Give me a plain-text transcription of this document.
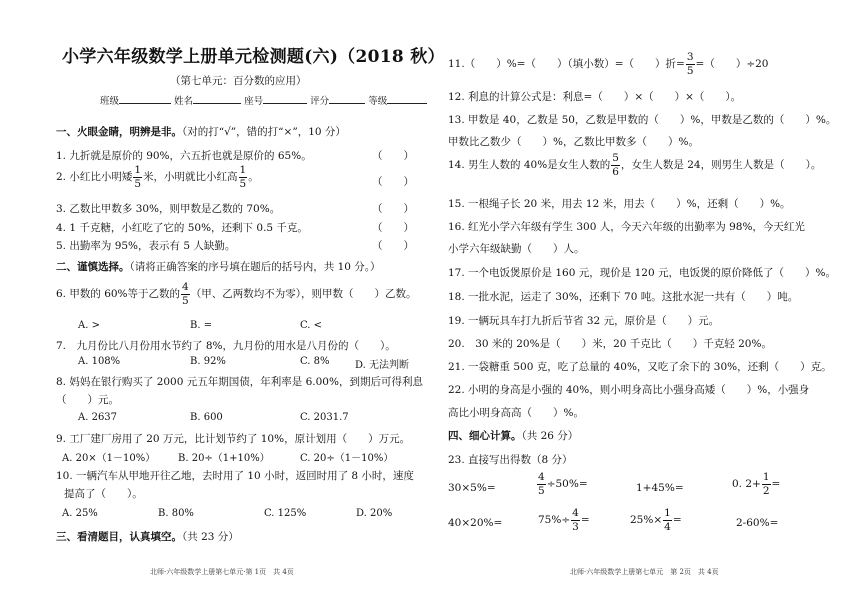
小学六年级数学上册单元检测题(六)（2018 秋）
（第七单元：百分数的应用）
班级	姓名	座号	评分	等级
一、火眼金睛，明辨是非。（对的打“√”，错的打“×”，10 分）
1. 九折就是原价的 90%，六五折也就是原价的 65%。	（　　）
2. 小红比小明矮 $\frac{1}{5}$ 米，小明就比小红高 $\frac{1}{5}$ 。	（　　）
3. 乙数比甲数多 30%，则甲数是乙数的 70%。	（　　）
4. 1 千克糖，小红吃了它的 50%，还剩下 0.5 千克。	（　　）
5. 出勤率为 95%，表示有 5 人缺勤。	（　　）
二、谨慎选择。（请将正确答案的序号填在题后的括号内，共 10 分。）
6. 甲数的 60%等于乙数的 $\frac{4}{5}$ （甲、乙两数均不为零），则甲数（　　）乙数。
A. >	B. =	C. <
7.　九月份比八月份用水节约了 8%，九月份的用水是八月份的（　　）。
A. 108%	B. 92%	C. 8%	D. 无法判断
8. 妈妈在银行购买了 2000 元五年期国债，年利率是 6.00%，到期后可得利息
（　　）元。
A. 2637	B. 600	C. 2031.7
9. 工厂建厂房用了 20 万元，比计划节约了 10%，原计划用（　　）万元。
A. 20×（1－10%） B. 20÷（1+10%）	C. 20÷（1－10%）
10. 一辆汽车从甲地开往乙地，去时用了 10 小时，返回时用了 8 小时，速度
提高了（　　）。
A. 25%	B. 80%	C. 125%	D. 20%
三、看清题目，认真填空。（共 23 分）
北师·六年级数学上册第七单元·第 1页　共 4页
11.（　　）%=（　　）（填小数）=（　　）折= $\frac{3}{5}$ =（　　）÷20
12. 利息的计算公式是：利息=（　　）×（　　）×（　　）。
13. 甲数是 40，乙数是 50，乙数是甲数的（　　）%，甲数是乙数的（　　）%。
甲数比乙数少（　　）%，乙数比甲数多（　　）%。
14. 男生人数的 40%是女生人数的 $\frac{5}{6}$ ，女生人数是 24，则男生人数是（　　）。
15. 一根绳子长 20 米，用去 12 米，用去（　　）%，还剩（　　）%。
16. 红光小学六年级有学生 300 人，今天六年级的出勤率为 98%，今天红光
小学六年级缺勤（　　）人。
17. 一个电饭煲原价是 160 元，现价是 120 元，电饭煲的原价降低了（　　）%。
18. 一批水泥，运走了 30%，还剩下 70 吨。这批水泥一共有（　　）吨。
19. 一辆玩具车打九折后节省 32 元，原价是（　　）元。
20.　30 米的 20%是（　　）米，20 千克比（　　）千克轻 20%。
21. 一袋糖重 500 克，吃了总量的 40%，又吃了余下的 30%，还剩（　　）克。
22. 小明的身高是小强的 40%，则小明身高比小强身高矮（　　）%，小强身
高比小明身高高（　　）%。
四、细心计算。（共 26 分）
23. 直接写出得数（8 分）
30×5%=	$\frac{4}{5} \div 50\%=$	1+45%=	0. $2+ \frac{1}{2}$ =
40×20%=	$75\%\div \frac{4}{3}$ =	$25\%\times \frac{1}{4}$ =	2-60%=
北师·六年级数学上册第七单元　第 2页　共 4页
